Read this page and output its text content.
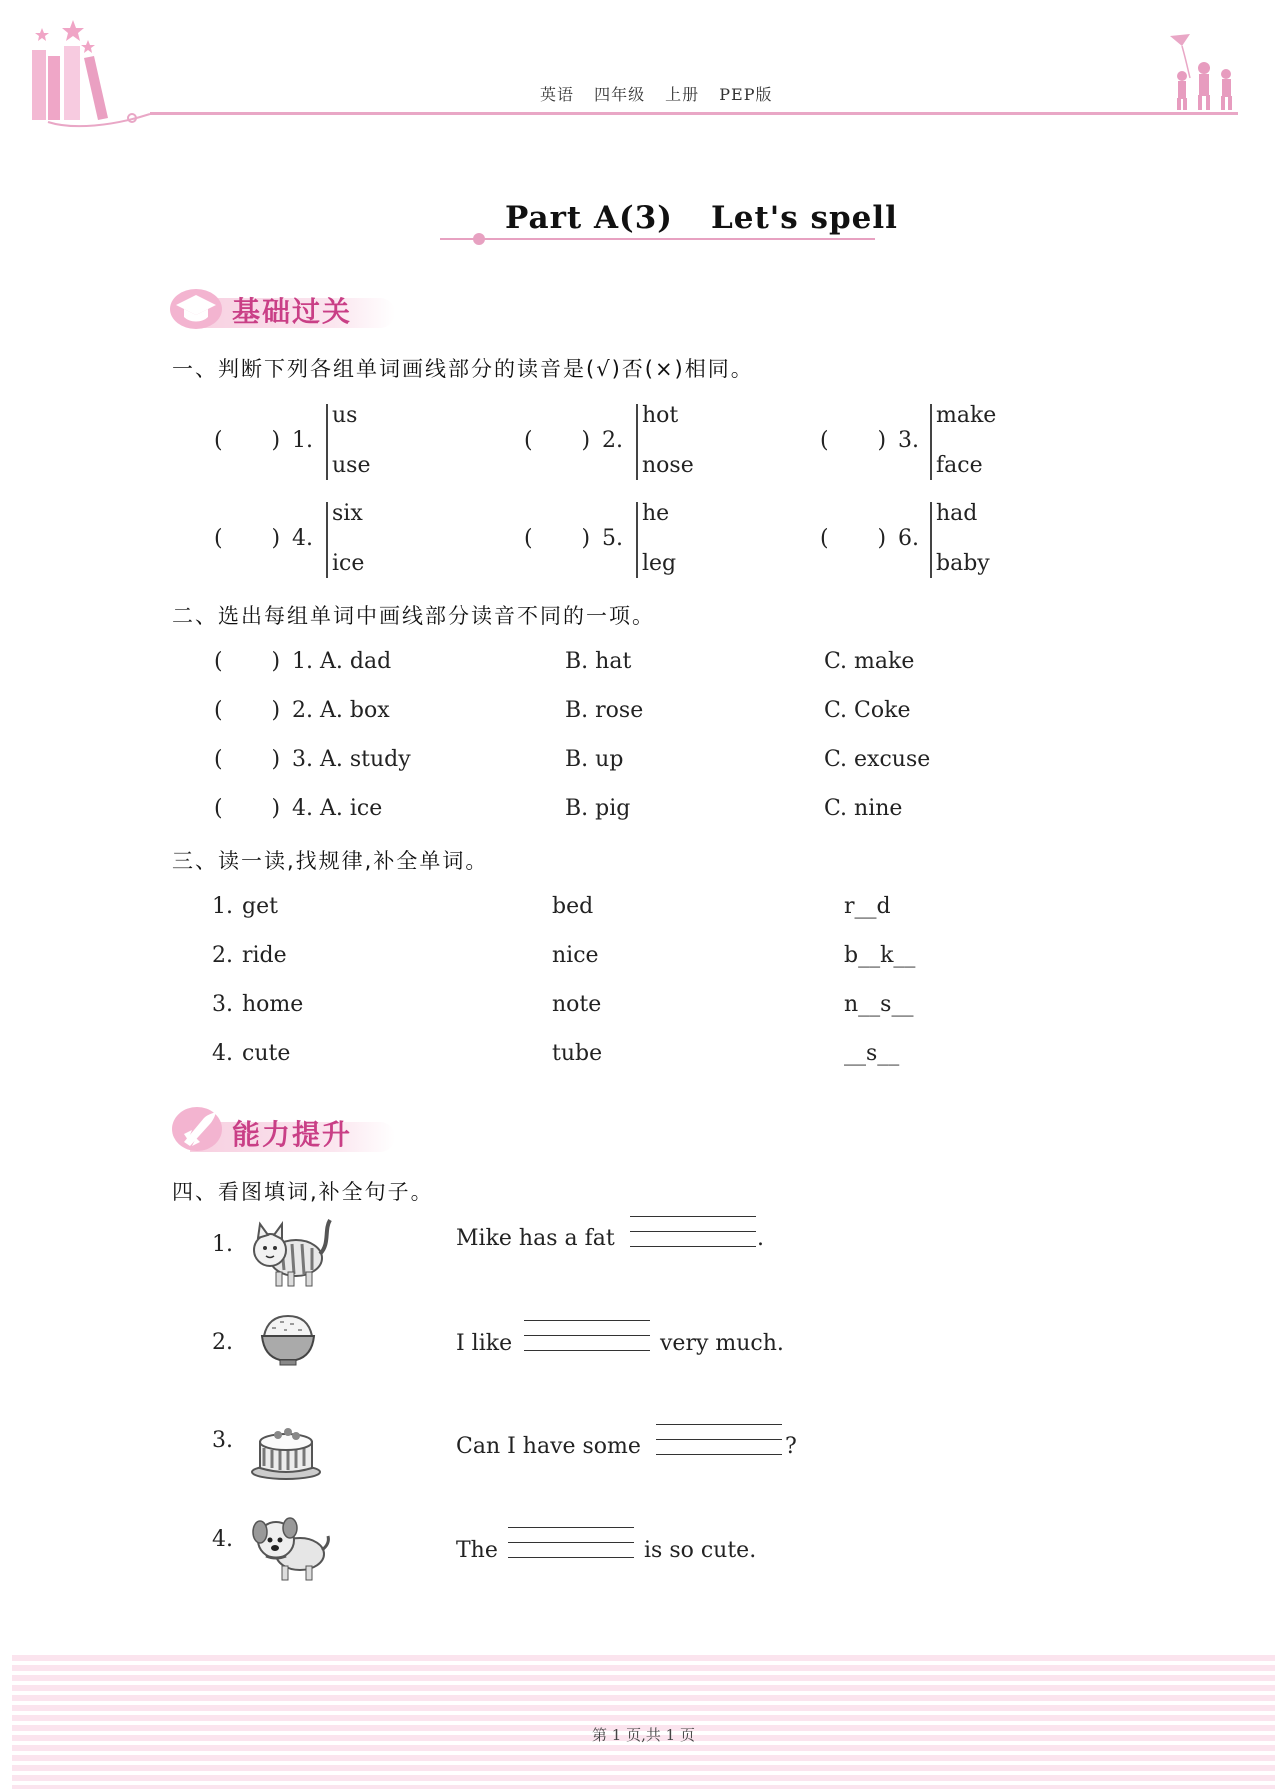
英语 四年级 上册 PEP版
Part A(3) Let's spell
基础过关
一、判断下列各组单词画线部分的读音是(√)否(×)相同。
(       ) 1.
us
use
(       ) 2.
hot
nose
(       ) 3.
make
face
(       ) 4.
six
ice
(       ) 5.
he
leg
(       ) 6.
had
baby
二、选出每组单词中画线部分读音不同的一项。
(       ) 1. A. dad	B. hat	C. make
(       ) 2. A. box	B. rose	C. Coke
(       ) 3. A. study	B. up	C. excuse
(       ) 4. A. ice	B. pig	C. nine
三、读一读,找规律,补全单词。
1. get	bed	r__d
2. ride	nice	b__k__
3. home	note	n__s__
4. cute	tube	__s__
能力提升
四、看图填词,补全句子。
1.	Mike has a fat	.
2.	I like	very much.
3.	Can I have some	?
4.	The	is so cute.
第 1 页,共 1 页
